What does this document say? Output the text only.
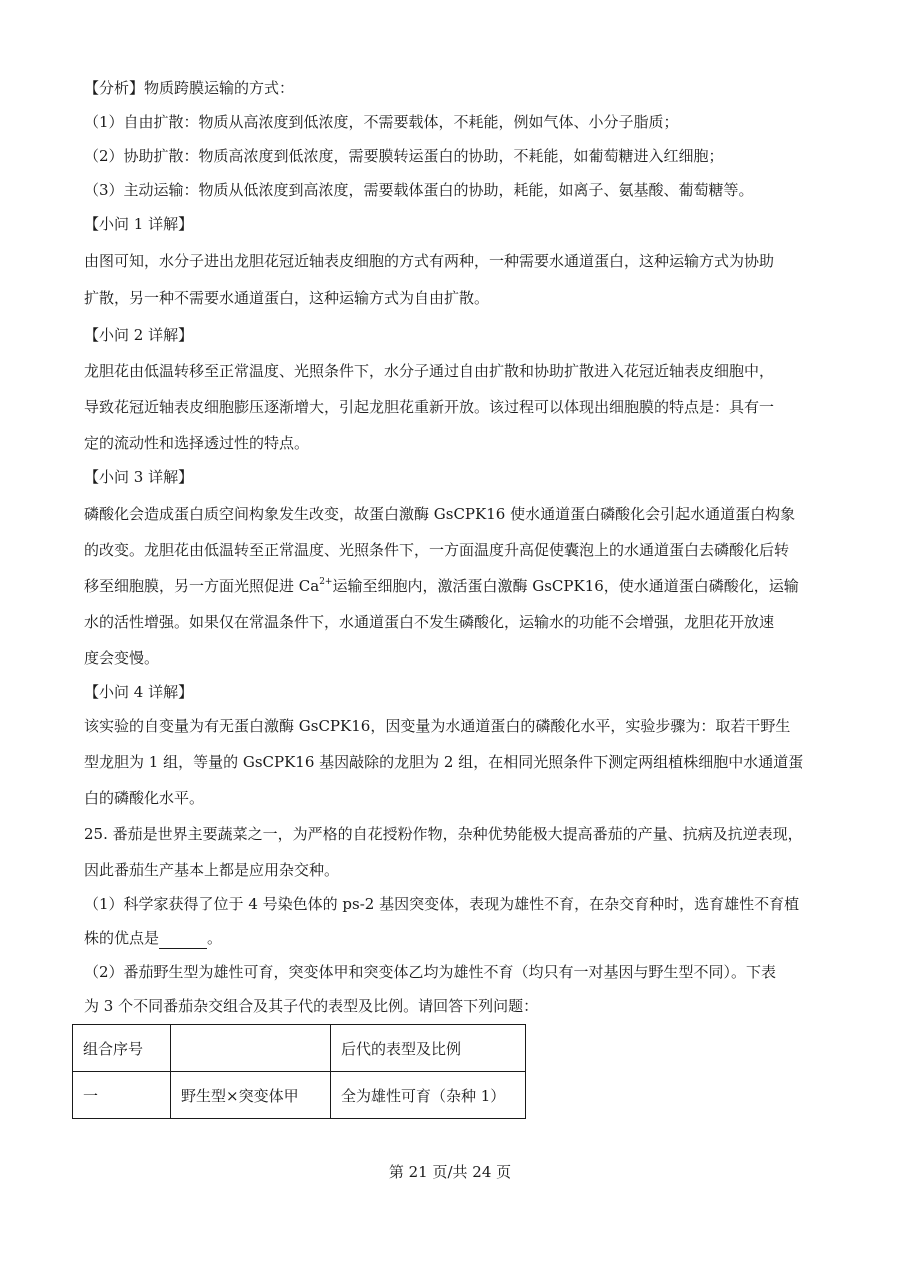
【分析】物质跨膜运输的方式：
（1）自由扩散：物质从高浓度到低浓度，不需要载体，不耗能，例如气体、小分子脂质；
（2）协助扩散：物质高浓度到低浓度，需要膜转运蛋白的协助，不耗能，如葡萄糖进入红细胞；
（3）主动运输：物质从低浓度到高浓度，需要载体蛋白的协助，耗能，如离子、氨基酸、葡萄糖等。
【小问 1 详解】
由图可知，水分子进出龙胆花冠近轴表皮细胞的方式有两种，一种需要水通道蛋白，这种运输方式为协助
扩散，另一种不需要水通道蛋白，这种运输方式为自由扩散。
【小问 2 详解】
龙胆花由低温转移至正常温度、光照条件下，水分子通过自由扩散和协助扩散进入花冠近轴表皮细胞中，
导致花冠近轴表皮细胞膨压逐渐增大，引起龙胆花重新开放。该过程可以体现出细胞膜的特点是：具有一
定的流动性和选择透过性的特点。
【小问 3 详解】
磷酸化会造成蛋白质空间构象发生改变，故蛋白激酶 GsCPK16 使水通道蛋白磷酸化会引起水通道蛋白构象
的改变。龙胆花由低温转至正常温度、光照条件下，一方面温度升高促使囊泡上的水通道蛋白去磷酸化后转
移至细胞膜，另一方面光照促进 $Ca^{2+}$运输至细胞内，激活蛋白激酶 GsCPK16，使水通道蛋白磷酸化，运输
水的活性增强。如果仅在常温条件下，水通道蛋白不发生磷酸化，运输水的功能不会增强，龙胆花开放速
度会变慢。
【小问 4 详解】
该实验的自变量为有无蛋白激酶 GsCPK16，因变量为水通道蛋白的磷酸化水平，实验步骤为：取若干野生
型龙胆为 1 组，等量的 GsCPK16 基因敲除的龙胆为 2 组，在相同光照条件下测定两组植株细胞中水通道蛋
白的磷酸化水平。
25. 番茄是世界主要蔬菜之一，为严格的自花授粉作物，杂种优势能极大提高番茄的产量、抗病及抗逆表现，
因此番茄生产基本上都是应用杂交种。
（1）科学家获得了位于 4 号染色体的 ps-2 基因突变体，表现为雄性不育，在杂交育种时，选育雄性不育植
株的优点是	。
（2）番茄野生型为雄性可育，突变体甲和突变体乙均为雄性不育（均只有一对基因与野生型不同）。下表
为 3 个不同番茄杂交组合及其子代的表型及比例。请回答下列问题：
组合序号		后代的表型及比例
一	野生型×突变体甲	全为雄性可育（杂种 1）
第 21 页/共 24 页
